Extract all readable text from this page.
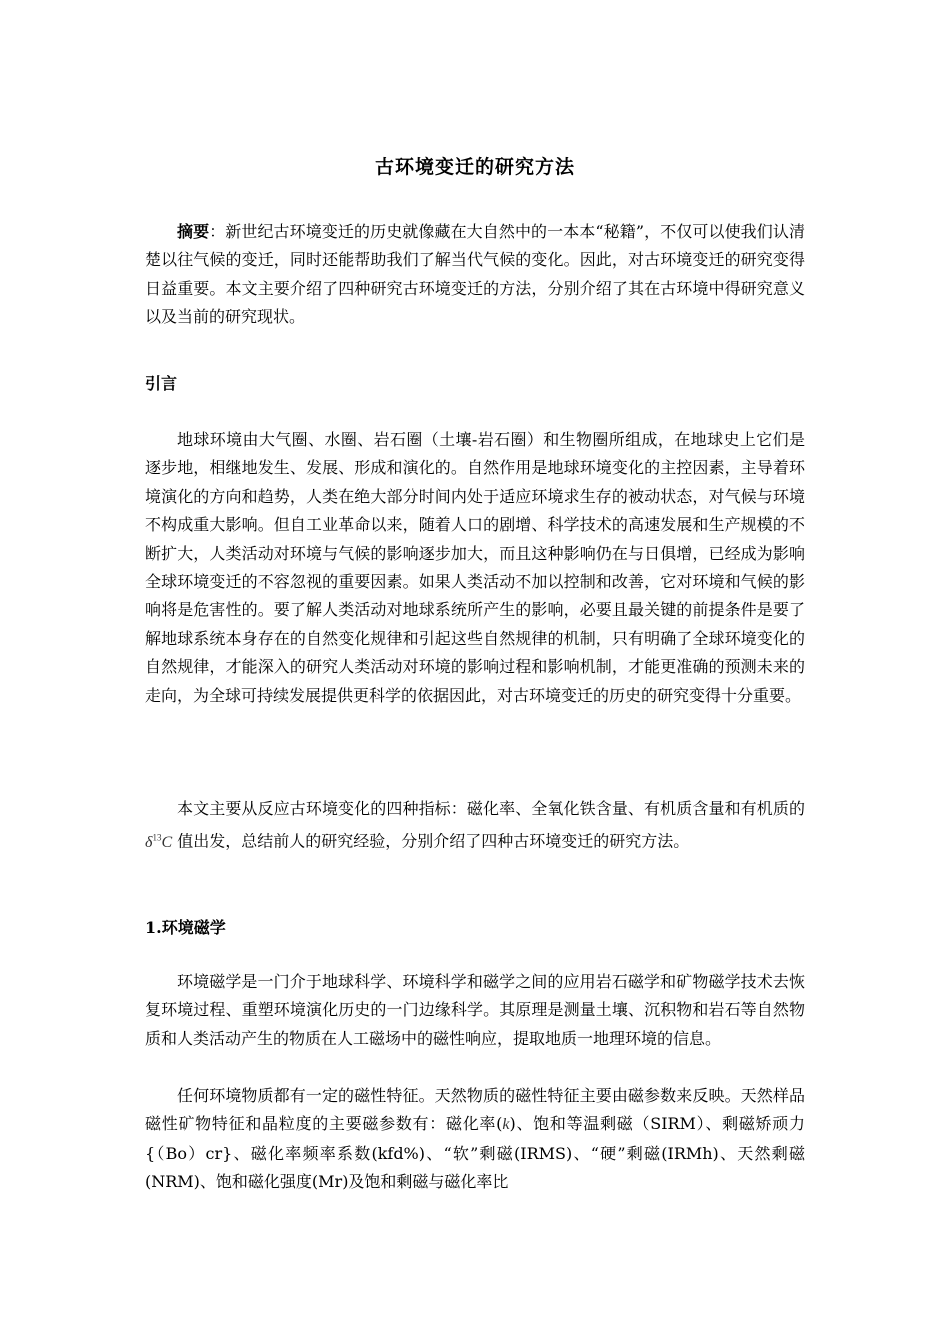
古环境变迁的研究方法

摘要：新世纪古环境变迁的历史就像藏在大自然中的一本本“秘籍”，不仅可以使我们认清楚以往气候的变迁，同时还能帮助我们了解当代气候的变化。因此，对古环境变迁的研究变得日益重要。本文主要介绍了四种研究古环境变迁的方法，分别介绍了其在古环境中得研究意义以及当前的研究现状。

引言

地球环境由大气圈、水圈、岩石圈（土壤-岩石圈）和生物圈所组成，在地球史上它们是逐步地，相继地发生、发展、形成和演化的。自然作用是地球环境变化的主控因素，主导着环境演化的方向和趋势，人类在绝大部分时间内处于适应环境求生存的被动状态，对气候与环境不构成重大影响。但自工业革命以来，随着人口的剧增、科学技术的高速发展和生产规模的不断扩大，人类活动对环境与气候的影响逐步加大，而且这种影响仍在与日俱增，已经成为影响全球环境变迁的不容忽视的重要因素。如果人类活动不加以控制和改善，它对环境和气候的影响将是危害性的。要了解人类活动对地球系统所产生的影响，必要且最关键的前提条件是要了解地球系统本身存在的自然变化规律和引起这些自然规律的机制，只有明确了全球环境变化的自然规律，才能深入的研究人类活动对环境的影响过程和影响机制，才能更准确的预测未来的走向，为全球可持续发展提供更科学的依据因此，对古环境变迁的历史的研究变得十分重要。

本文主要从反应古环境变化的四种指标：磁化率、全氧化铁含量、有机质含量和有机质的$\delta^{13}C$ 值出发，总结前人的研究经验，分别介绍了四种古环境变迁的研究方法。

1.环境磁学

环境磁学是一门介于地球科学、环境科学和磁学之间的应用岩石磁学和矿物磁学技术去恢复环境过程、重塑环境演化历史的一门边缘科学。其原理是测量土壤、沉积物和岩石等自然物质和人类活动产生的物质在人工磁场中的磁性响应，提取地质一地理环境的信息。

任何环境物质都有一定的磁性特征。天然物质的磁性特征主要由磁参数来反映。天然样品磁性矿物特征和晶粒度的主要磁参数有：磁化率(k)、饱和等温剩磁（SIRM）、剩磁矫顽力{（Bo）cr}、磁化率频率系数(kfd%)、“软”剩磁(IRMS)、“硬”剩磁(IRMh)、天然剩磁(NRM)、饱和磁化强度(Mr)及饱和剩磁与磁化率比
